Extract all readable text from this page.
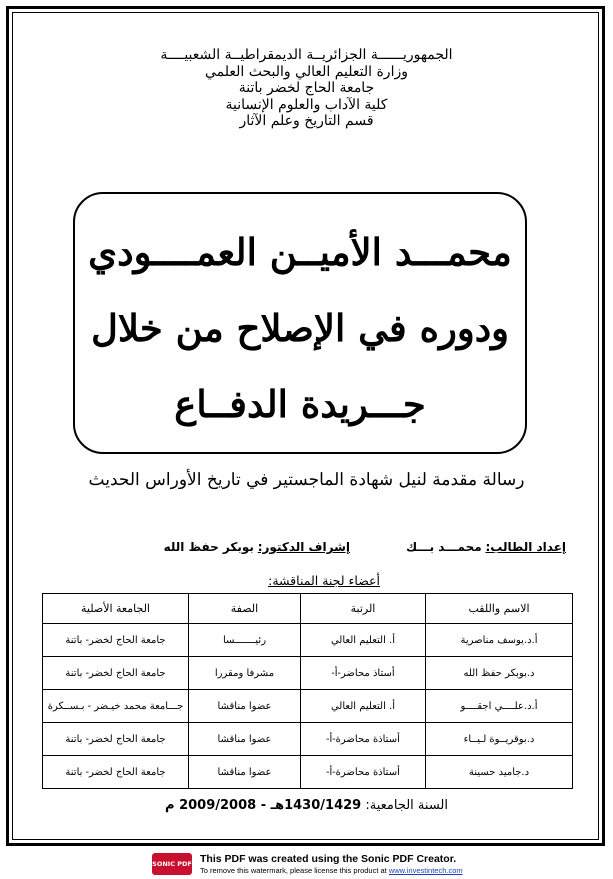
الجمهوريــــــة الجزائريــة الديمقراطيــة الشعبيــــة
وزارة التعليم العالي والبحث العلمي
جامعة الحاج لخضر باتنة
كلية الآداب والعلوم الإنسانية
قسم التاريخ وعلم الآثار
محمـــد الأميــن العمــــودي
ودوره في الإصلاح من خلال
جـــريدة الدفــاع
رسالة مقدمة لنيل شهادة الماجستير في تاريخ الأوراس الحديث
إعداد الطالب: محمـــد بـــك
إشراف الدكتور: بوبكر حفظ الله
أعضاء لجنة المناقشة:
الاسم واللقب	الرتبة	الصفة	الجامعة الأصلية
أ.د.يوسف مناصرية	أ. التعليم العالي	رئيـــــــسا	جامعة الحاج لخضر- باتنة
د.بوبكر حفظ الله	أستاذ محاضر-أ-	مشرفا ومقررا	جامعة الحاج لخضر- باتنة
أ.د.علــــي اجقــــو	أ. التعليم العالي	عضوا مناقشا	جـــامعة محمد خيـضر - بـســكرة
د.بوقريــوة لـيــاء	أستاذة محاضرة-أ-	عضوا مناقشا	جامعة الحاج لخضر- باتنة
د.جاميد حسينة	أستاذة محاضرة-أ-	عضوا مناقشا	جامعة الحاج لخضر- باتنة
السنة الجامعية: 1430/1429هـ - 2009/2008 م
SONIC PDF This PDF was created using the Sonic PDF Creator.
To remove this watermark, please license this product at www.investintech.com
